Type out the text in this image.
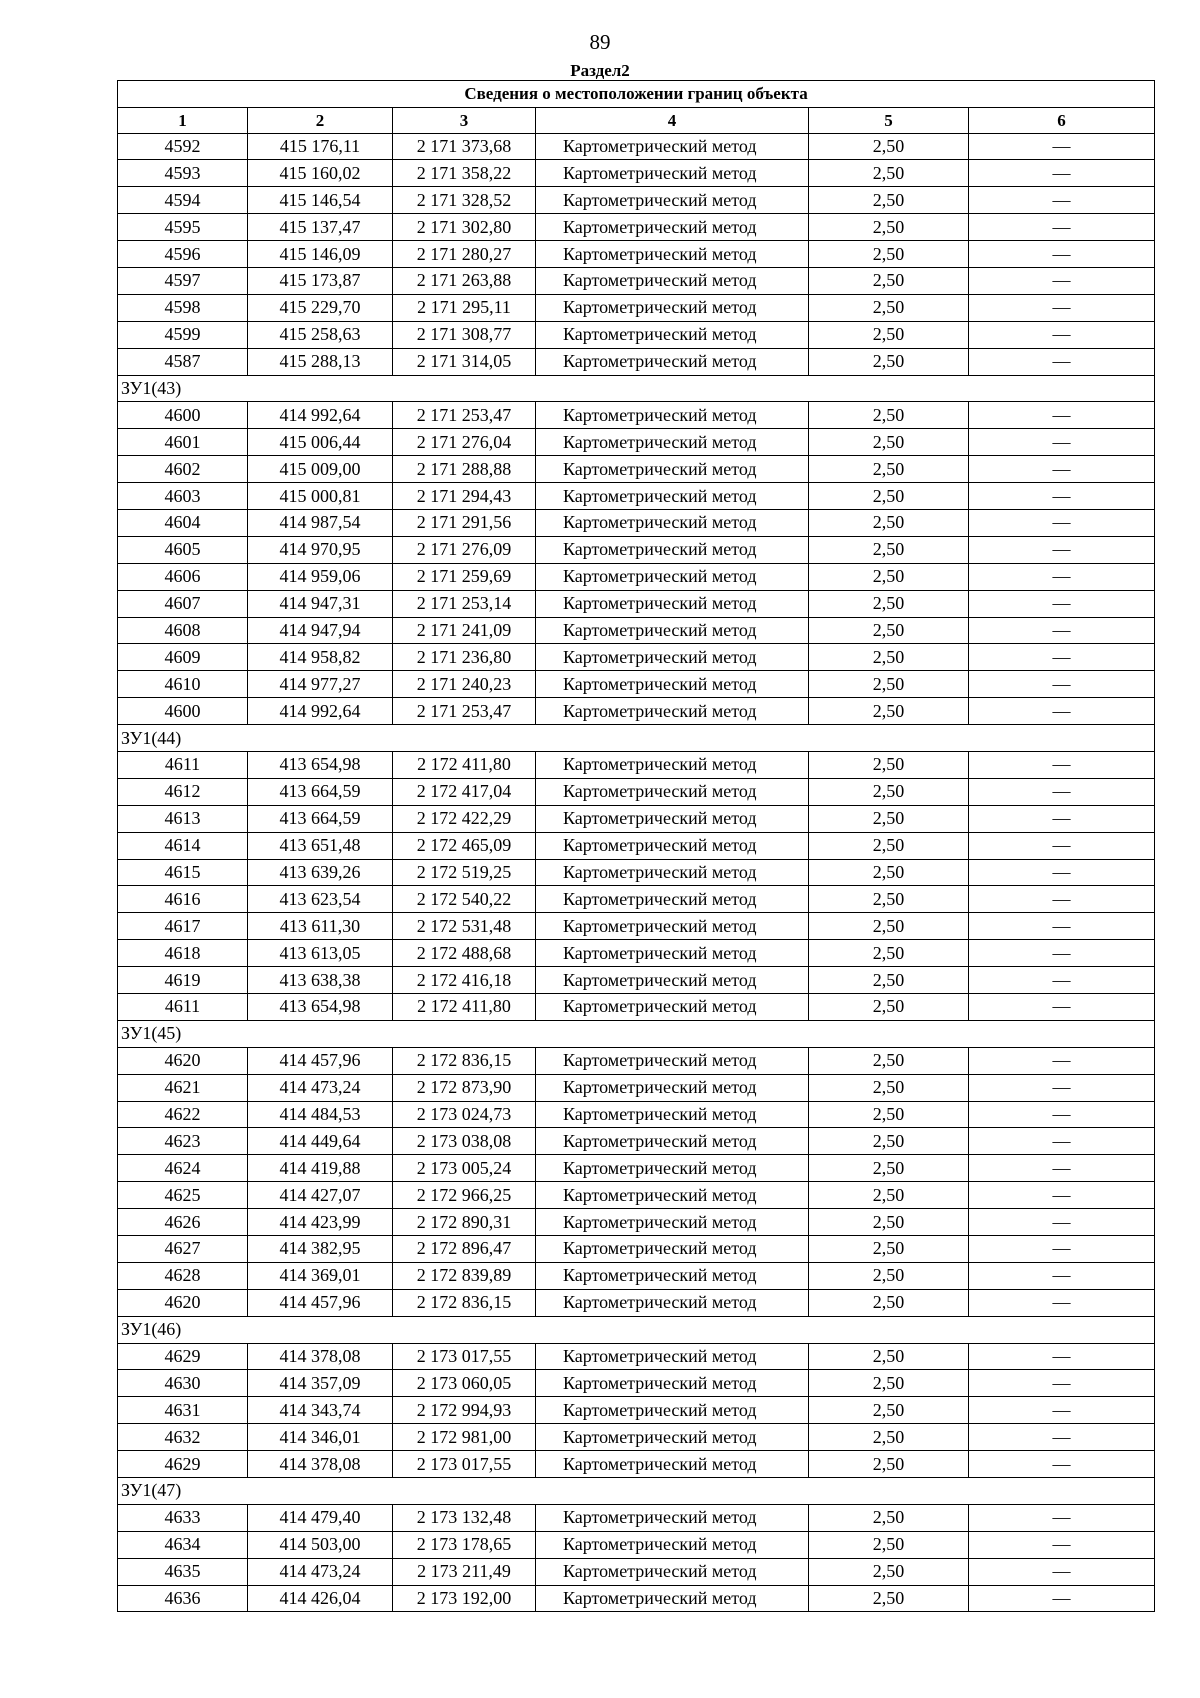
89
Раздел2
Сведения о местоположении границ объекта					
1	2	3	4	5	6
4592	415 176,11	2 171 373,68	Картометрический метод	2,50	—
4593	415 160,02	2 171 358,22	Картометрический метод	2,50	—
4594	415 146,54	2 171 328,52	Картометрический метод	2,50	—
4595	415 137,47	2 171 302,80	Картометрический метод	2,50	—
4596	415 146,09	2 171 280,27	Картометрический метод	2,50	—
4597	415 173,87	2 171 263,88	Картометрический метод	2,50	—
4598	415 229,70	2 171 295,11	Картометрический метод	2,50	—
4599	415 258,63	2 171 308,77	Картометрический метод	2,50	—
4587	415 288,13	2 171 314,05	Картометрический метод	2,50	—
ЗУ1(43)					
4600	414 992,64	2 171 253,47	Картометрический метод	2,50	—
4601	415 006,44	2 171 276,04	Картометрический метод	2,50	—
4602	415 009,00	2 171 288,88	Картометрический метод	2,50	—
4603	415 000,81	2 171 294,43	Картометрический метод	2,50	—
4604	414 987,54	2 171 291,56	Картометрический метод	2,50	—
4605	414 970,95	2 171 276,09	Картометрический метод	2,50	—
4606	414 959,06	2 171 259,69	Картометрический метод	2,50	—
4607	414 947,31	2 171 253,14	Картометрический метод	2,50	—
4608	414 947,94	2 171 241,09	Картометрический метод	2,50	—
4609	414 958,82	2 171 236,80	Картометрический метод	2,50	—
4610	414 977,27	2 171 240,23	Картометрический метод	2,50	—
4600	414 992,64	2 171 253,47	Картометрический метод	2,50	—
ЗУ1(44)					
4611	413 654,98	2 172 411,80	Картометрический метод	2,50	—
4612	413 664,59	2 172 417,04	Картометрический метод	2,50	—
4613	413 664,59	2 172 422,29	Картометрический метод	2,50	—
4614	413 651,48	2 172 465,09	Картометрический метод	2,50	—
4615	413 639,26	2 172 519,25	Картометрический метод	2,50	—
4616	413 623,54	2 172 540,22	Картометрический метод	2,50	—
4617	413 611,30	2 172 531,48	Картометрический метод	2,50	—
4618	413 613,05	2 172 488,68	Картометрический метод	2,50	—
4619	413 638,38	2 172 416,18	Картометрический метод	2,50	—
4611	413 654,98	2 172 411,80	Картометрический метод	2,50	—
ЗУ1(45)					
4620	414 457,96	2 172 836,15	Картометрический метод	2,50	—
4621	414 473,24	2 172 873,90	Картометрический метод	2,50	—
4622	414 484,53	2 173 024,73	Картометрический метод	2,50	—
4623	414 449,64	2 173 038,08	Картометрический метод	2,50	—
4624	414 419,88	2 173 005,24	Картометрический метод	2,50	—
4625	414 427,07	2 172 966,25	Картометрический метод	2,50	—
4626	414 423,99	2 172 890,31	Картометрический метод	2,50	—
4627	414 382,95	2 172 896,47	Картометрический метод	2,50	—
4628	414 369,01	2 172 839,89	Картометрический метод	2,50	—
4620	414 457,96	2 172 836,15	Картометрический метод	2,50	—
ЗУ1(46)					
4629	414 378,08	2 173 017,55	Картометрический метод	2,50	—
4630	414 357,09	2 173 060,05	Картометрический метод	2,50	—
4631	414 343,74	2 172 994,93	Картометрический метод	2,50	—
4632	414 346,01	2 172 981,00	Картометрический метод	2,50	—
4629	414 378,08	2 173 017,55	Картометрический метод	2,50	—
ЗУ1(47)					
4633	414 479,40	2 173 132,48	Картометрический метод	2,50	—
4634	414 503,00	2 173 178,65	Картометрический метод	2,50	—
4635	414 473,24	2 173 211,49	Картометрический метод	2,50	—
4636	414 426,04	2 173 192,00	Картометрический метод	2,50	—
